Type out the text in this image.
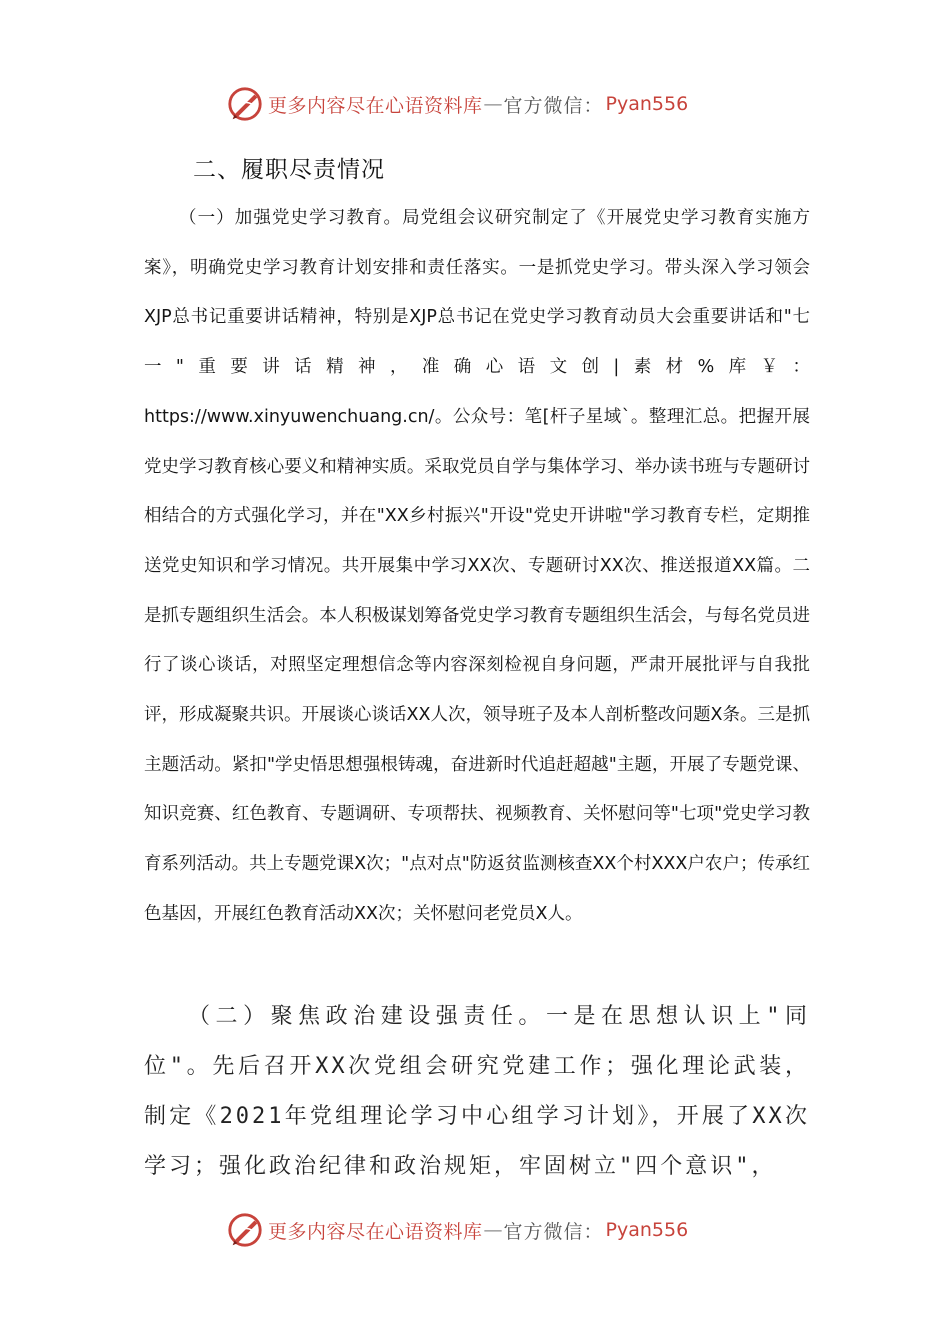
更多内容尽在心语资料库 — 官方微信： Pyan556
二、履职尽责情况
（一）加强党史学习教育。局党组会议研究制定了《开展党史学习教育实施方案》，明确党史学习教育计划安排和责任落实。一是抓党史学习。带头深入学习领会XJP总书记重要讲话精神，特别是XJP总书记在党史学习教育动员大会重要讲话和"七一"重要讲话精神，准确心语文创|素材%库￥：https://www.xinyuwenchuang.cn/。公众号：笔[杆子星域`。整理汇总。把握开展党史学习教育核心要义和精神实质。采取党员自学与集体学习、举办读书班与专题研讨相结合的方式强化学习，并在"XX乡村振兴"开设"党史开讲啦"学习教育专栏，定期推送党史知识和学习情况。共开展集中学习XX次、专题研讨XX次、推送报道XX篇。二是抓专题组织生活会。本人积极谋划筹备党史学习教育专题组织生活会，与每名党员进行了谈心谈话，对照坚定理想信念等内容深刻检视自身问题，严肃开展批评与自我批评，形成凝聚共识。开展谈心谈话XX人次，领导班子及本人剖析整改问题X条。三是抓主题活动。紧扣"学史悟思想强根铸魂，奋进新时代追赶超越"主题，开展了专题党课、知识竞赛、红色教育、专题调研、专项帮扶、视频教育、关怀慰问等"七项"党史学习教育系列活动。共上专题党课X次；"点对点"防返贫监测核查XX个村XXX户农户；传承红色基因，开展红色教育活动XX次；关怀慰问老党员X人。
（二）聚焦政治建设强责任。一是在思想认识上"同位"。先后召开XX次党组会研究党建工作；强化理论武装，制定《2021年党组理论学习中心组学习计划》，开展了XX次学习；强化政治纪律和政治规矩，牢固树立"四个意识"，
更多内容尽在心语资料库 — 官方微信： Pyan556
